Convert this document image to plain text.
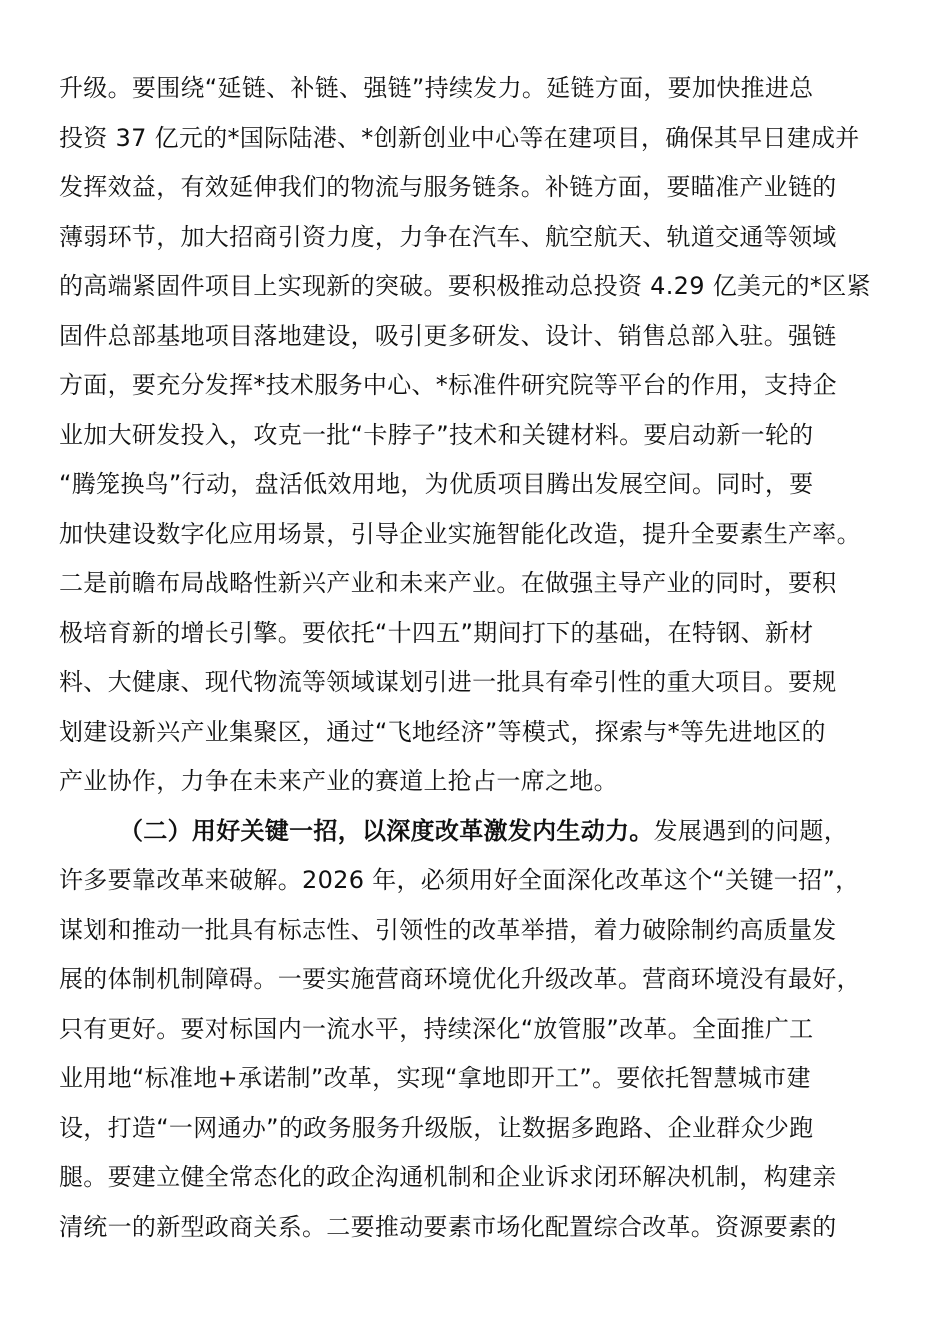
升级。要围绕“延链、补链、强链”持续发力。延链方面，要加快推进总
投资 37 亿元的*国际陆港、*创新创业中心等在建项目，确保其早日建成并
发挥效益，有效延伸我们的物流与服务链条。补链方面，要瞄准产业链的
薄弱环节，加大招商引资力度，力争在汽车、航空航天、轨道交通等领域
的高端紧固件项目上实现新的突破。要积极推动总投资 4.29 亿美元的*区紧
固件总部基地项目落地建设，吸引更多研发、设计、销售总部入驻。强链
方面，要充分发挥*技术服务中心、*标准件研究院等平台的作用，支持企
业加大研发投入，攻克一批“卡脖子”技术和关键材料。要启动新一轮的
“腾笼换鸟”行动，盘活低效用地，为优质项目腾出发展空间。同时，要
加快建设数字化应用场景，引导企业实施智能化改造，提升全要素生产率。
二是前瞻布局战略性新兴产业和未来产业。在做强主导产业的同时，要积
极培育新的增长引擎。要依托“十四五”期间打下的基础，在特钢、新材
料、大健康、现代物流等领域谋划引进一批具有牵引性的重大项目。要规
划建设新兴产业集聚区，通过“飞地经济”等模式，探索与*等先进地区的
产业协作，力争在未来产业的赛道上抢占一席之地。
（二）用好关键一招，以深度改革激发内生动力。发展遇到的问题，
许多要靠改革来破解。2026 年，必须用好全面深化改革这个“关键一招”，
谋划和推动一批具有标志性、引领性的改革举措，着力破除制约高质量发
展的体制机制障碍。一要实施营商环境优化升级改革。营商环境没有最好，
只有更好。要对标国内一流水平，持续深化“放管服”改革。全面推广工
业用地“标准地+承诺制”改革，实现“拿地即开工”。要依托智慧城市建
设，打造“一网通办”的政务服务升级版，让数据多跑路、企业群众少跑
腿。要建立健全常态化的政企沟通机制和企业诉求闭环解决机制，构建亲
清统一的新型政商关系。二要推动要素市场化配置综合改革。资源要素的
